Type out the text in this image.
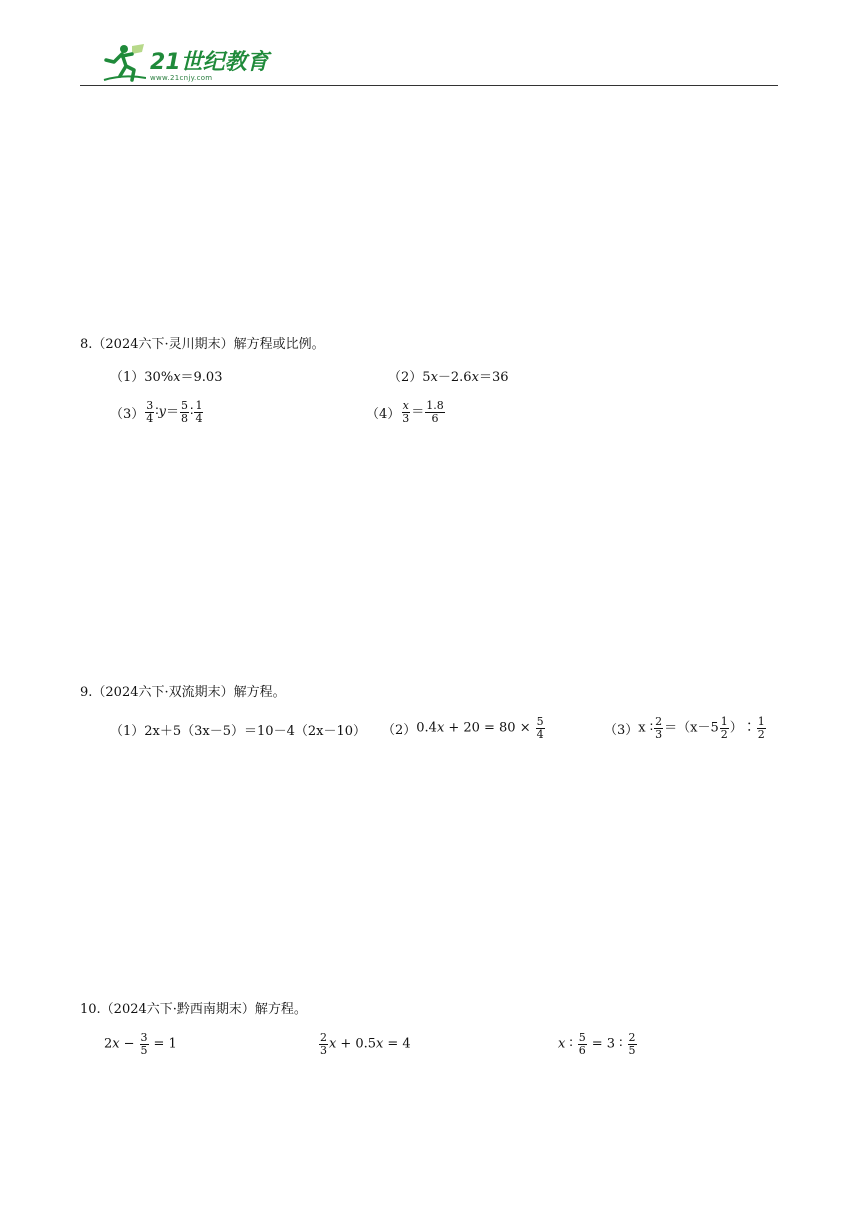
21世纪教育
www.21cnjy.com
8.（2024六下·灵川期末）解方程或比例。
（1） 30%x＝9.03	（2） 5x－2.6x＝36
$(3) \frac{3}{4}$ ∶y＝ $\frac{5}{8}$ ∶ $\frac{1}{4}$	$(4) \frac{x}{3} = \frac{1.8}{6}$
9.（2024六下·双流期末）解方程。
（1） 2x＋5（3x－5）＝10－4（2x－10） （2） $0.4x + 20 = 80 \times \frac{5}{4}$	（3） x ∶ $\frac{2}{3} =(x-5 \frac{1}{2}$ ）∶ $\frac{1}{2}$
10.（2024六下·黔西南期末）解方程。
$2x - \frac{3}{5} = 1$	$\frac{2}{3}$ x + 0.5x = 4	x ∶ $\frac{5}{6} = 3$ ∶ $\frac{2}{5}$
